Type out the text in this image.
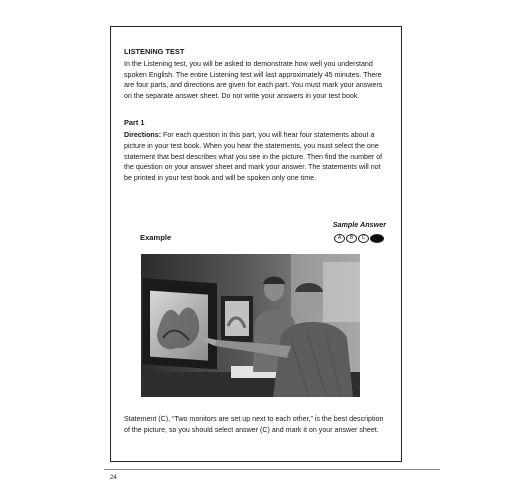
LISTENING TEST

In the Listening test, you will be asked to demonstrate how well you understand spoken English. The entire Listening test will last approximately 45 minutes. There are four parts, and directions are given for each part. You must mark your answers on the separate answer sheet. Do not write your answers in your test book.

Part 1

Directions: For each question in this part, you will hear four statements about a picture in your test book. When you hear the statements, you must select the one statement that best describes what you see in the picture. Then find the number of the question on your answer sheet and mark your answer. The statements will not be printed in your test book and will be spoken only one time.

Sample Answer
Example	A	B	C	D

Statement (C), “Two monitors are set up next to each other,” is the best description of the picture, so you should select answer (C) and mark it on your answer sheet.

24
